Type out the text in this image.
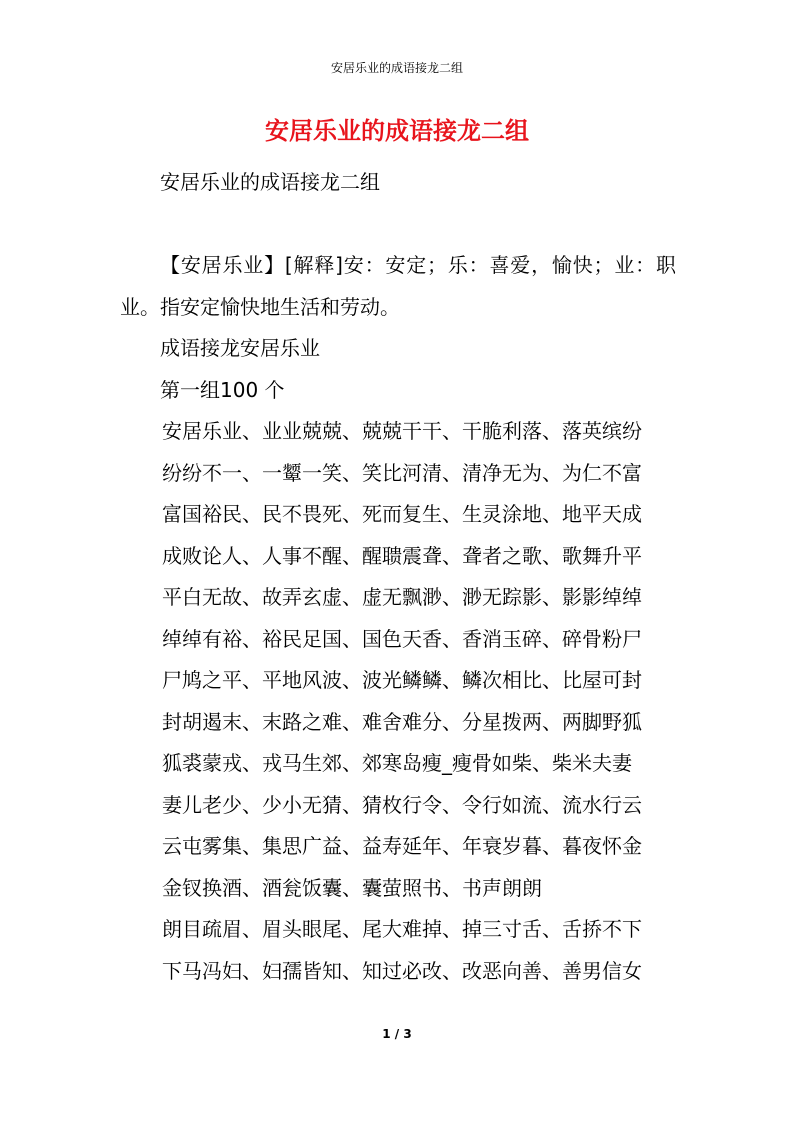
安居乐业的成语接龙二组
安居乐业的成语接龙二组

安居乐业的成语接龙二组

【安居乐业】[解释]安：安定；乐：喜爱，愉快；业：职业。指安定愉快地生活和劳动。

成语接龙安居乐业

第一组100 个

安居乐业、业业兢兢、兢兢干干、干脆利落、落英缤纷
纷纷不一、一颦一笑、笑比河清、清净无为、为仁不富
富国裕民、民不畏死、死而复生、生灵涂地、地平天成
成败论人、人事不醒、醒聩震聋、聋者之歌、歌舞升平
平白无故、故弄玄虚、虚无飘渺、渺无踪影、影影绰绰
绰绰有裕、裕民足国、国色天香、香消玉碎、碎骨粉尸
尸鸠之平、平地风波、波光鳞鳞、鳞次相比、比屋可封
封胡遏末、末路之难、难舍难分、分星拨两、两脚野狐
狐裘蒙戎、戎马生郊、郊寒岛瘦_瘦骨如柴、柴米夫妻
妻儿老少、少小无猜、猜枚行令、令行如流、流水行云
云屯雾集、集思广益、益寿延年、年衰岁暮、暮夜怀金
金钗换酒、酒瓮饭囊、囊萤照书、书声朗朗
朗目疏眉、眉头眼尾、尾大难掉、掉三寸舌、舌挢不下
下马冯妇、妇孺皆知、知过必改、改恶向善、善男信女
1 / 3
